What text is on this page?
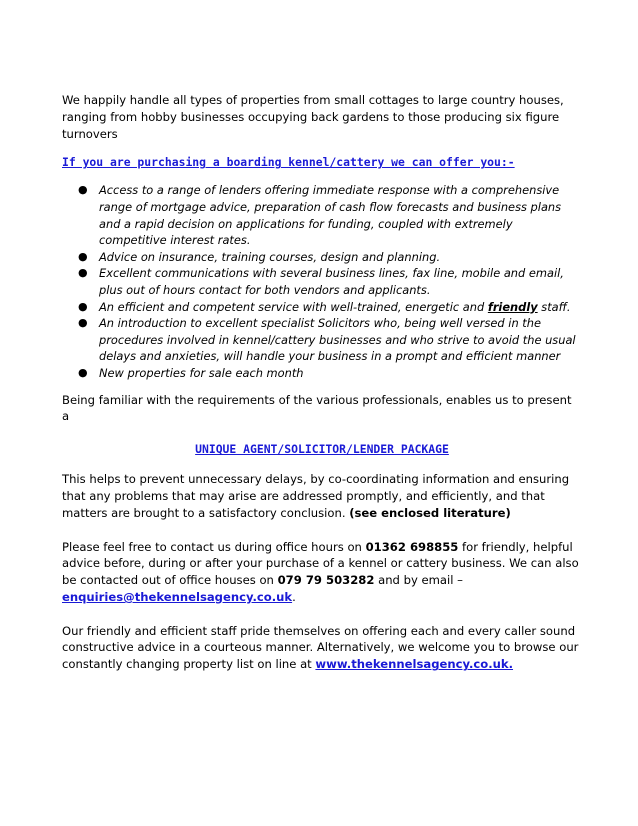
We happily handle all types of properties from small cottages to large country houses, ranging from hobby businesses occupying back gardens to those producing six figure turnovers

If you are purchasing a boarding kennel/cattery we can offer you:-

● Access to a range of lenders offering immediate response with a comprehensive range of mortgage advice, preparation of cash flow forecasts and business plans and a rapid decision on applications for funding, coupled with extremely competitive interest rates.
● Advice on insurance, training courses, design and planning.
● Excellent communications with several business lines, fax line, mobile and email, plus out of hours contact for both vendors and applicants.
● An efficient and competent service with well-trained, energetic and friendly staff.
● An introduction to excellent specialist Solicitors who, being well versed in the procedures involved in kennel/cattery businesses and who strive to avoid the usual delays and anxieties, will handle your business in a prompt and efficient manner
● New properties for sale each month

Being familiar with the requirements of the various professionals, enables us to present a

UNIQUE AGENT/SOLICITOR/LENDER PACKAGE

This helps to prevent unnecessary delays, by co-coordinating information and ensuring that any problems that may arise are addressed promptly, and efficiently, and that matters are brought to a satisfactory conclusion. (see enclosed literature)

Please feel free to contact us during office hours on 01362 698855 for friendly, helpful advice before, during or after your purchase of a kennel or cattery business. We can also be contacted out of office houses on 079 79 503282 and by email – enquiries@thekennelsagency.co.uk.

Our friendly and efficient staff pride themselves on offering each and every caller sound constructive advice in a courteous manner. Alternatively, we welcome you to browse our constantly changing property list on line at www.thekennelsagency.co.uk.
